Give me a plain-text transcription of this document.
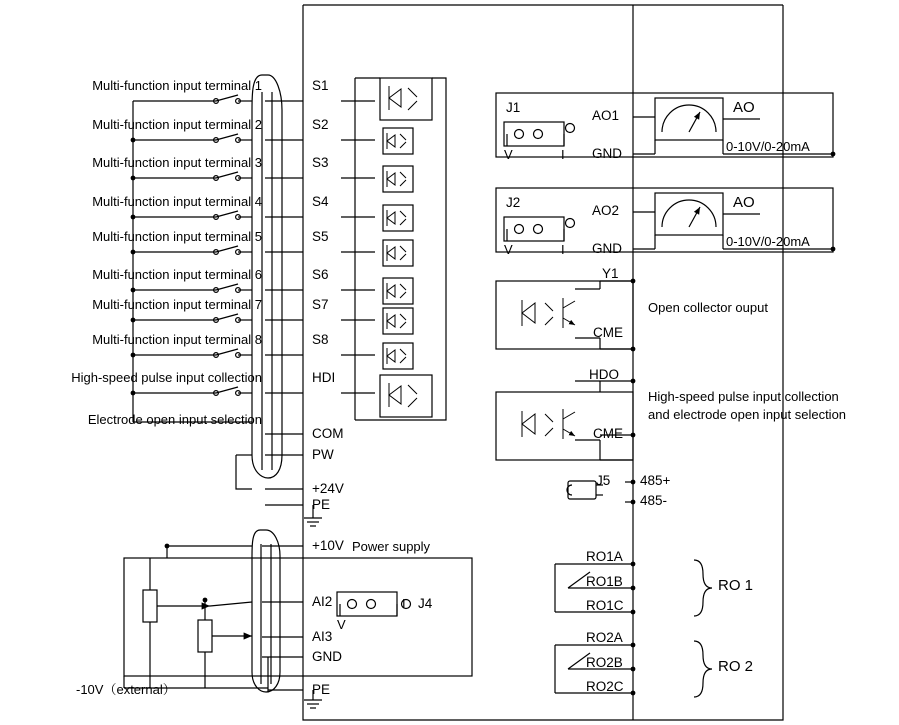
Multi-function input terminal 1
Multi-function input terminal 2
Multi-function input terminal 3
Multi-function input terminal 4
Multi-function input terminal 5
Multi-function input terminal 6
Multi-function input terminal 7
Multi-function input terminal 8
High-speed pulse input collection
Electrode open input selection
S1
S2
S3
S4
S5
S6
S7
S8
HDI
COM
PW
+24V
PE
+10V Power supply
AI2
AI3
GND
PE
-10V（external）
J4
V
I
J1
V	I
AO1
GND
AO
0-10V/0-20mA
J2
V	I
AO2
GND
AO
0-10V/0-20mA
Y1
CME
Open collector ouput
HDO
CME
High-speed pulse input collection
and electrode open input selection
J5 485+
485-
RO1A
RO1B
RO1C
RO 1
RO2A
RO2B
RO2C
RO 2
